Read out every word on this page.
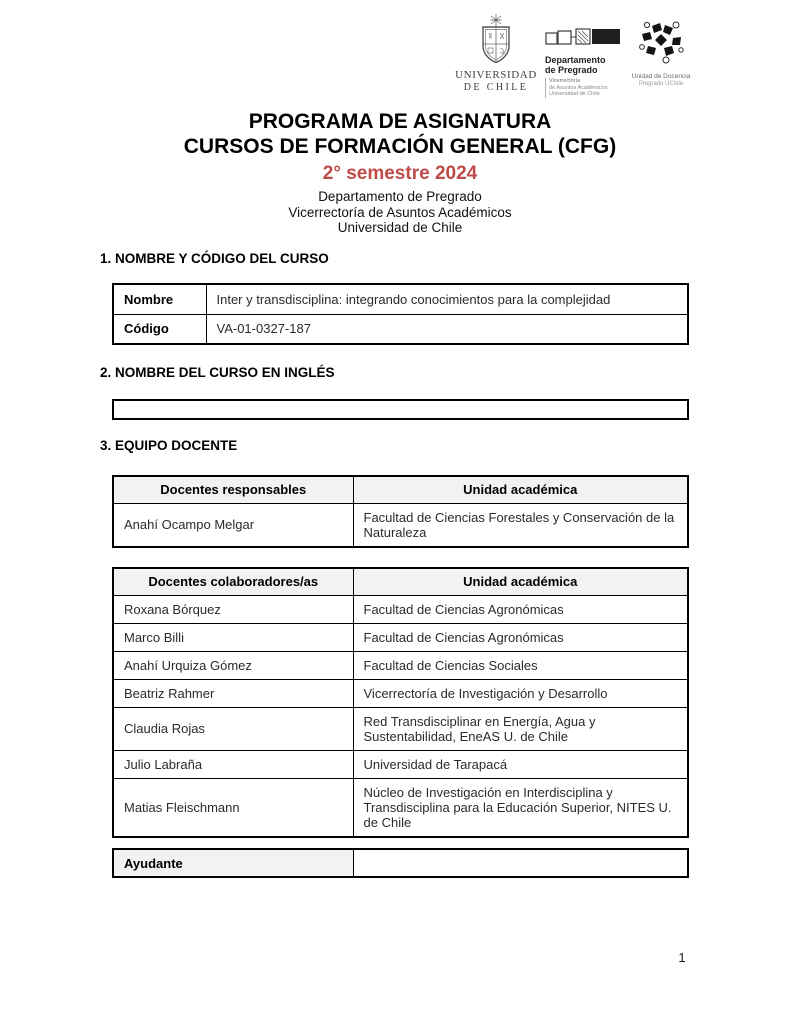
UNIVERSIDAD
DE CHILE
Departamento
de Pregrado
Vicerrectoría
de Asuntos Académicos
Universidad de Chile
Unidad de Docencia
Pregrado UChile
PROGRAMA DE ASIGNATURA
CURSOS DE FORMACIÓN GENERAL (CFG)
2° semestre 2024
Departamento de Pregrado
Vicerrectoría de Asuntos Académicos
Universidad de Chile
1. NOMBRE Y CÓDIGO DEL CURSO
Nombre	Inter y transdisciplina: integrando conocimientos para la complejidad
Código	VA-01-0327-187
2. NOMBRE DEL CURSO EN INGLÉS
3. EQUIPO DOCENTE
Docentes responsables	Unidad académica
Anahí Ocampo Melgar	Facultad de Ciencias Forestales y Conservación de la Naturaleza
Docentes colaboradores/as	Unidad académica
Roxana Bórquez	Facultad de Ciencias Agronómicas
Marco Billi	Facultad de Ciencias Agronómicas
Anahí Urquiza Gómez	Facultad de Ciencias Sociales
Beatriz Rahmer	Vicerrectoría de Investigación y Desarrollo
Claudia Rojas	Red Transdisciplinar en Energía, Agua y Sustentabilidad, EneAS U. de Chile
Julio Labraña	Universidad de Tarapacá
Matias Fleischmann	Núcleo de Investigación en Interdisciplina y Transdisciplina para la Educación Superior, NITES U. de Chile
Ayudante	
1
